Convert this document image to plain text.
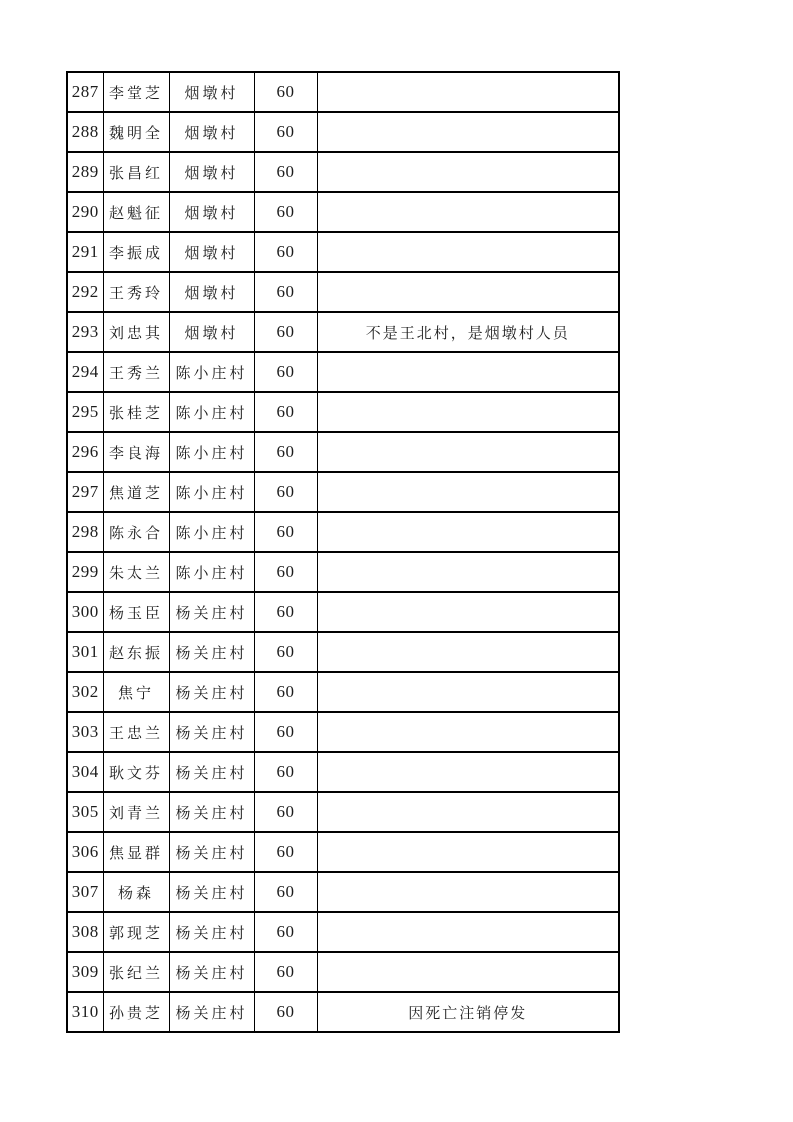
287	李堂芝	烟墩村	60	
288	魏明全	烟墩村	60	
289	张昌红	烟墩村	60	
290	赵魁征	烟墩村	60	
291	李振成	烟墩村	60	
292	王秀玲	烟墩村	60	
293	刘忠其	烟墩村	60	不是王北村，是烟墩村人员
294	王秀兰	陈小庄村	60	
295	张桂芝	陈小庄村	60	
296	李良海	陈小庄村	60	
297	焦道芝	陈小庄村	60	
298	陈永合	陈小庄村	60	
299	朱太兰	陈小庄村	60	
300	杨玉臣	杨关庄村	60	
301	赵东振	杨关庄村	60	
302	焦宁	杨关庄村	60	
303	王忠兰	杨关庄村	60	
304	耿文芬	杨关庄村	60	
305	刘青兰	杨关庄村	60	
306	焦显群	杨关庄村	60	
307	杨森	杨关庄村	60	
308	郭现芝	杨关庄村	60	
309	张纪兰	杨关庄村	60	
310	孙贵芝	杨关庄村	60	因死亡注销停发
